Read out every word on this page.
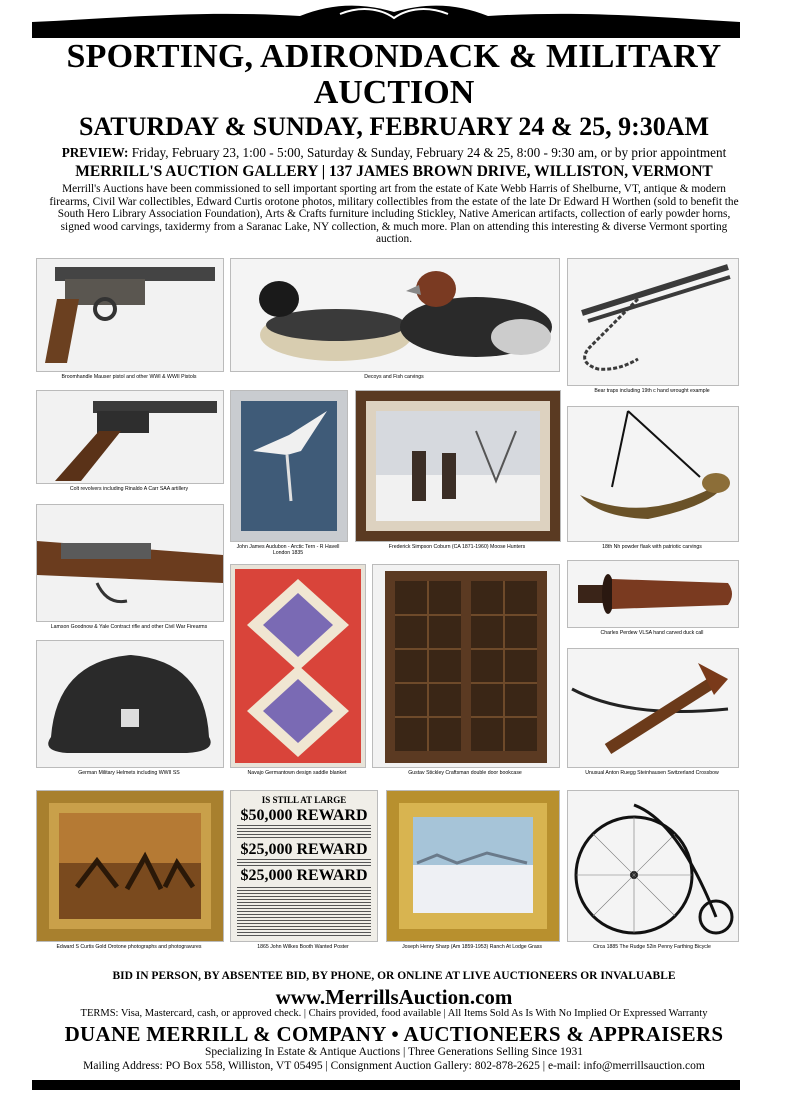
SPORTING, ADIRONDACK & MILITARY
AUCTION
SATURDAY & SUNDAY, FEBRUARY 24 & 25, 9:30AM
PREVIEW: Friday, February 23, 1:00 - 5:00, Saturday & Sunday, February 24 & 25, 8:00 - 9:30 am, or by prior appointment
MERRILL'S AUCTION GALLERY | 137 JAMES BROWN DRIVE, WILLISTON, VERMONT
Merrill's Auctions have been commissioned to sell important sporting art from the estate of Kate Webb Harris of Shelburne, VT, antique & modern firearms, Civil War collectibles, Edward Curtis orotone photos, military collectibles from the estate of the late Dr Edward H Worthen (sold to benefit the South Hero Library Association Foundation), Arts & Crafts furniture including Stickley, Native American artifacts, collection of early powder horns, signed wood carvings, taxidermy from a Saranac Lake, NY collection, & much more. Plan on attending this interesting & diverse Vermont sporting auction.
Broomhandle Mauser pistol and other WWI & WWII Pistols	Decoys and Fish carvings
Bear traps including 19th c hand wrought example
Colt revolvers including Rinaldo A Carr SAA artillery
John James Audubon - Arctic Tern - R Havell London 1835
Frederick Simpson Coburn (CA 1871-1960) Moose Hunters	18th Nh powder flask with patriotic carvings
Lamson Goodnow & Yale Contract rifle and other Civil War Firearms
Navajo Germantown design saddle blanket	Gustav Stickley Craftsman double door bookcase
Charles Perdew VLSA hand carved duck call
German Military Helmets including WWII SS	Unusual Anton Ruegg Steinhausen Switzerland Crossbow
Edward S Curtis Gold Orotone photographs and photogravures
IS STILL AT LARGE
$50,000 REWARD
$25,000 REWARD
$25,000 REWARD
1865 John Wilkes Booth Wanted Poster	Joseph Henry Sharp (Am 1859-1953) Ranch At Lodge Grass	Circa 1885 The Rudge 52in Penny Farthing Bicycle
BID IN PERSON, BY ABSENTEE BID, BY PHONE, OR ONLINE AT LIVE AUCTIONEERS OR INVALUABLE
www.MerrillsAuction.com
TERMS: Visa, Mastercard, cash, or approved check. | Chairs provided, food available | All Items Sold As Is With No Implied Or Expressed Warranty
DUANE MERRILL & COMPANY • AUCTIONEERS & APPRAISERS
Specializing In Estate & Antique Auctions | Three Generations Selling Since 1931
Mailing Address: PO Box 558, Williston, VT 05495 | Consignment Auction Gallery: 802-878-2625 | e-mail: info@merrillsauction.com
